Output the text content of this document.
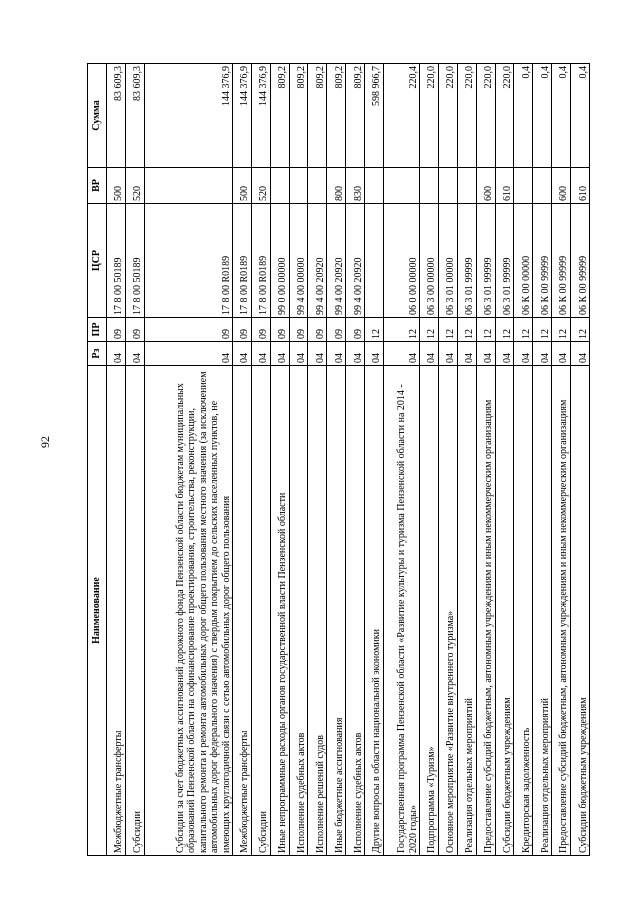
92
Наименование	Рз	ПР	ЦСР	ВР	Сумма
Межбюджетные трансферты	04	09	17 8 00 50189	500	83 609,3
Субсидии	04	09	17 8 00 50189	520	83 609,3
Субсидии за счет бюджетных ассигнований дорожного фонда Пензенской области бюджетам муниципальных образований Пензенской области на софинансирование проектирования, строительства, реконструкции, капитального ремонта и ремонта автомобильных дорог общего пользования местного значения (за исключением автомобильных дорог федерального значения) с твердым покрытием до сельских населенных пунктов, не имеющих круглогодичной связи с сетью автомобильных дорог общего пользования	04	09	17 8 00 R0189		144 376,9
Межбюджетные трансферты	04	09	17 8 00 R0189	500	144 376,9
Субсидии	04	09	17 8 00 R0189	520	144 376,9
Иные непрограммные расходы органов государственной власти Пензенской области	04	09	99 0 00 00000		809,2
Исполнение судебных актов	04	09	99 4 00 00000		809,2
Исполнение решений судов	04	09	99 4 00 20920		809,2
Иные бюджетные ассигнования	04	09	99 4 00 20920	800	809,2
Исполнение судебных актов	04	09	99 4 00 20920	830	809,2
Другие вопросы в области национальной экономики	04	12			598 966,7
Государственная программа Пензенской области «Развитие культуры и туризма Пензенской области на 2014 - 2020 годы»	04	12	06 0 00 00000		220,4
Подпрограмма «Туризм»	04	12	06 3 00 00000		220,0
Основное мероприятие «Развитие внутреннего туризма»	04	12	06 3 01 00000		220,0
Реализация отдельных мероприятий	04	12	06 3 01 99999		220,0
Предоставление субсидий бюджетным, автономным учреждениям и иным некоммерческим организациям	04	12	06 3 01 99999	600	220,0
Субсидии бюджетным учреждениям	04	12	06 3 01 99999	610	220,0
Кредиторская задолженность	04	12	06 К 00 00000		0,4
Реализация отдельных мероприятий	04	12	06 К 00 99999		0,4
Предоставление субсидий бюджетным, автономным учреждениям и иным некоммерческим организациям	04	12	06 К 00 99999	600	0,4
Субсидии бюджетным учреждениям	04	12	06 К 00 99999	610	0,4
